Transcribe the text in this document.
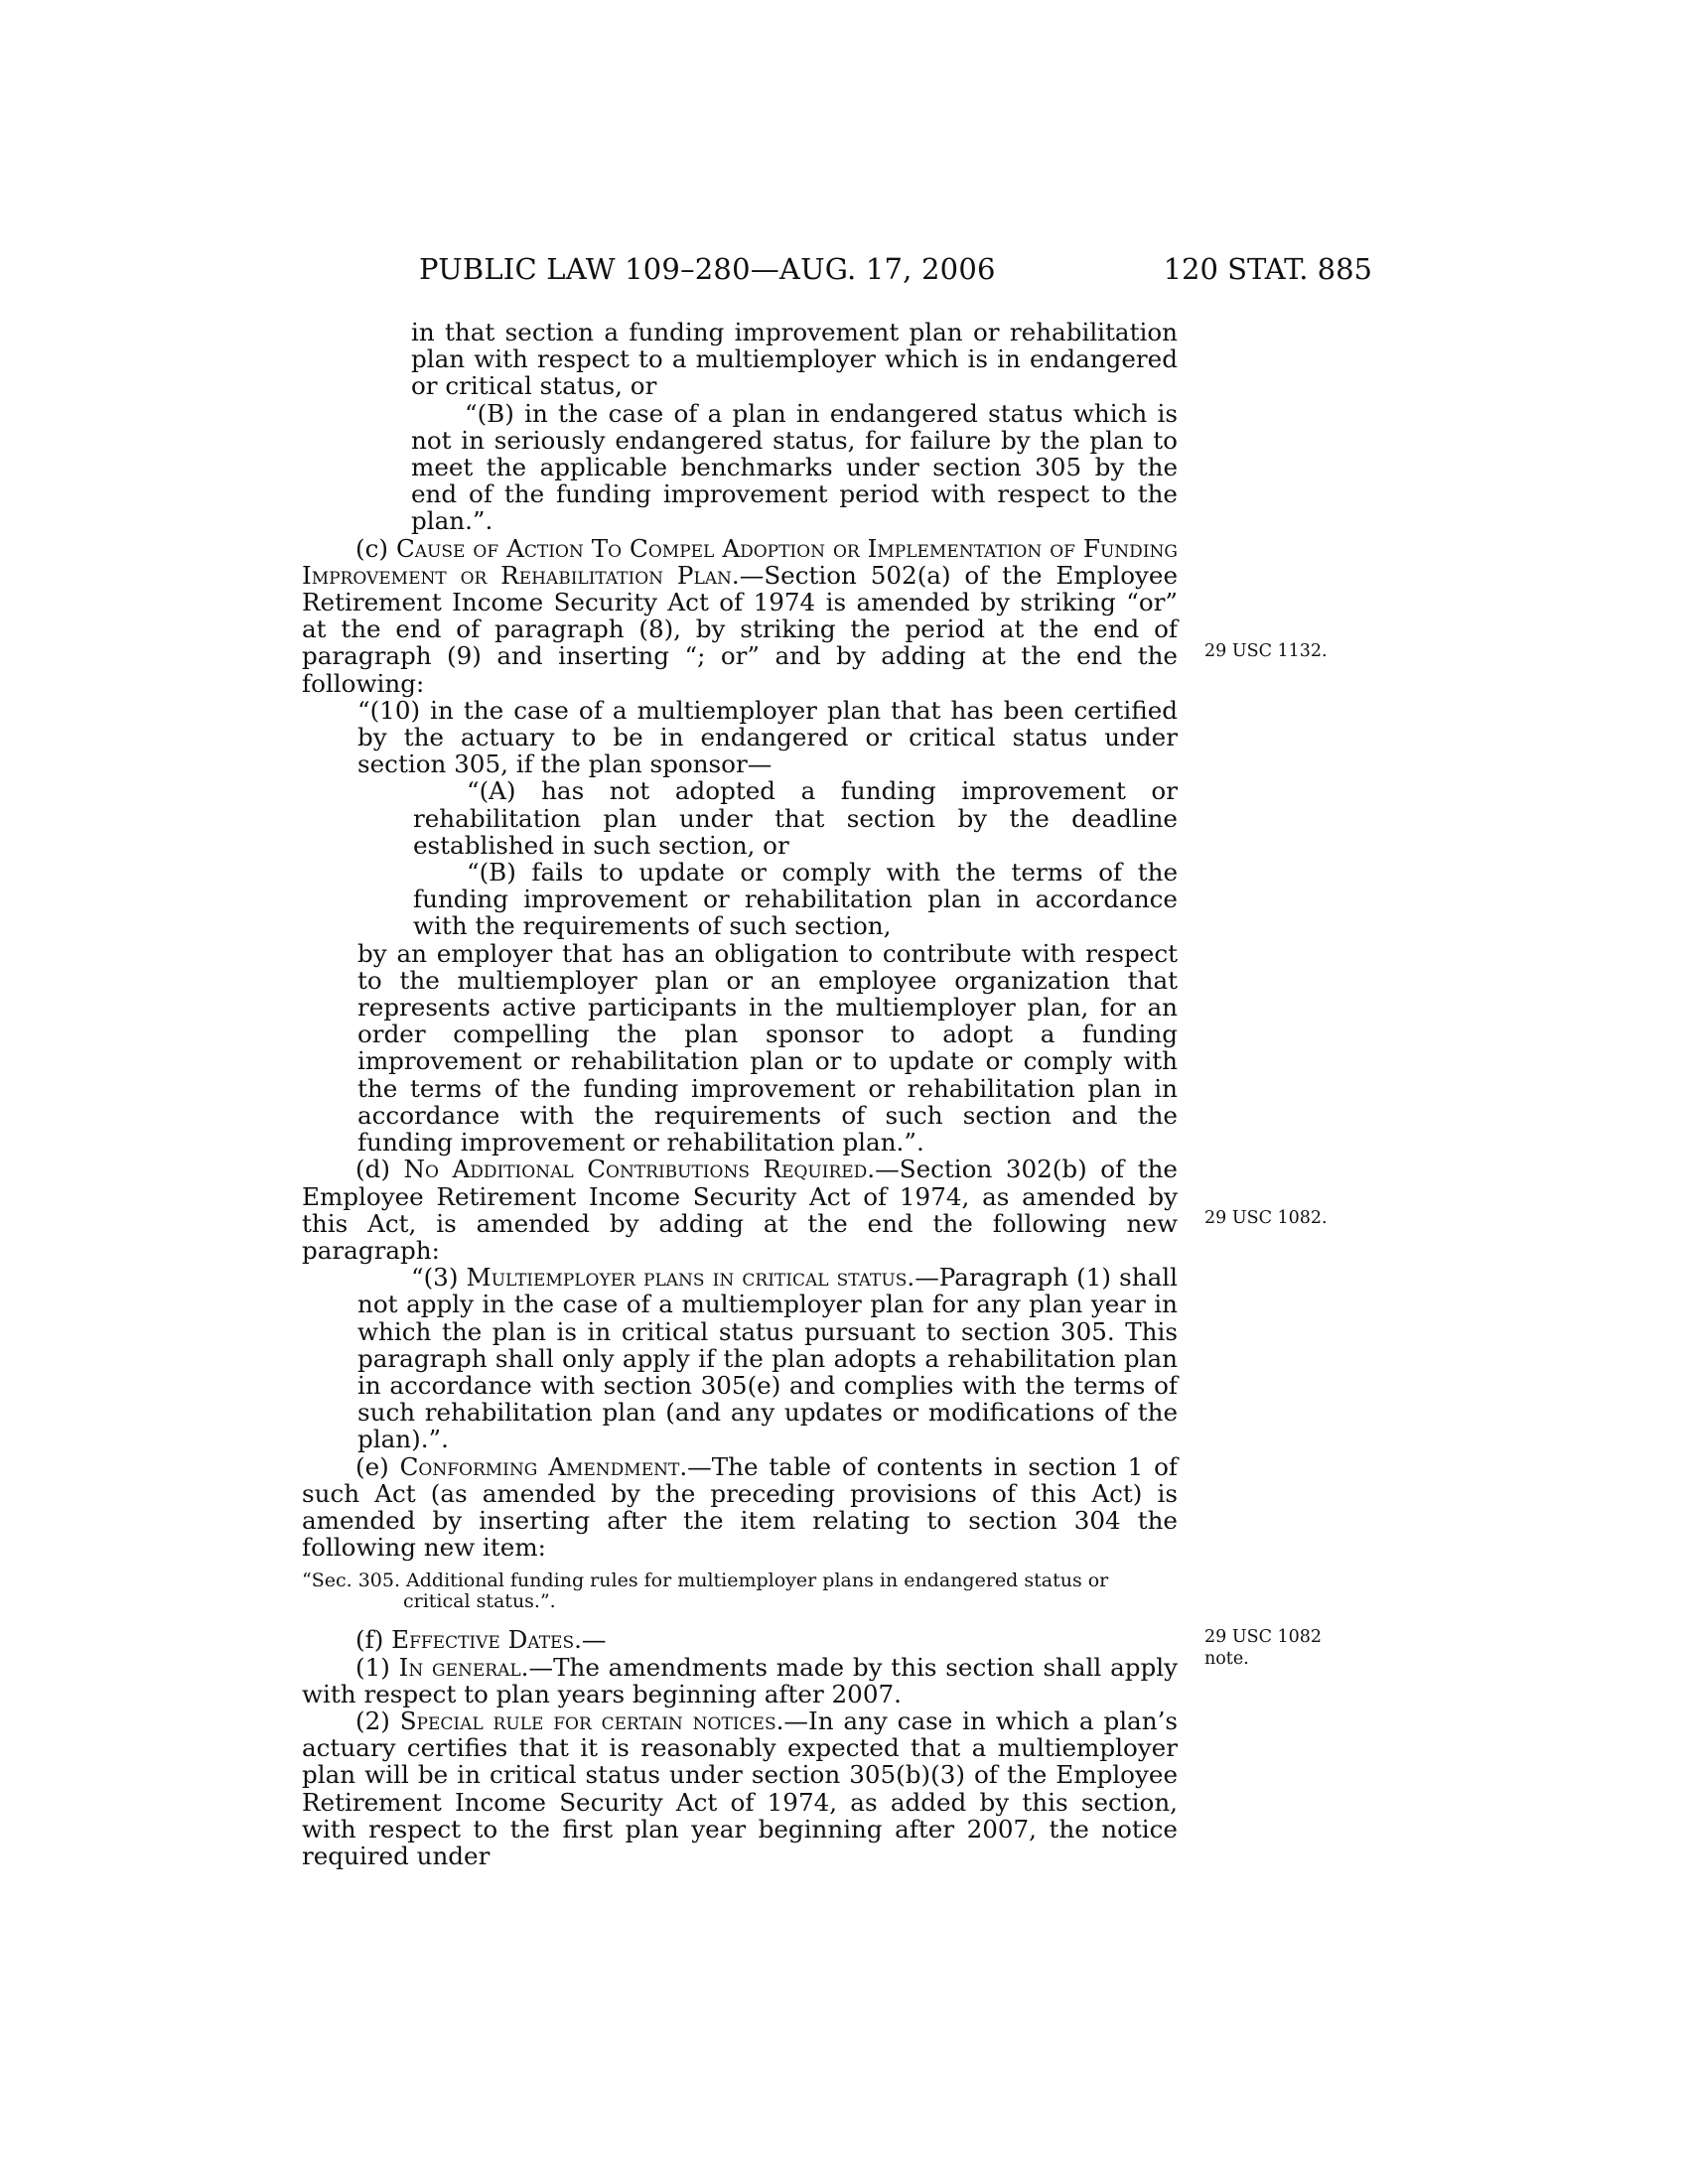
PUBLIC LAW 109–280—AUG. 17, 2006	120 STAT. 885

in that section a funding improvement plan or rehabilitation plan with respect to a multiemployer which is in endangered or critical status, or

“(B) in the case of a plan in endangered status which is not in seriously endangered status, for failure by the plan to meet the applicable benchmarks under section 305 by the end of the funding improvement period with respect to the plan.”.

(c) Cause of Action To Compel Adoption or Implementation of Funding Improvement or Rehabilitation Plan.—Section 502(a) of the Employee Retirement Income Security Act of 1974 is amended by striking “or” at the end of paragraph (8), by striking the period at the end of paragraph (9) and inserting “; or” and by adding at the end the following:

“(10) in the case of a multiemployer plan that has been certified by the actuary to be in endangered or critical status under section 305, if the plan sponsor—

“(A) has not adopted a funding improvement or rehabilitation plan under that section by the deadline established in such section, or

“(B) fails to update or comply with the terms of the funding improvement or rehabilitation plan in accordance with the requirements of such section,

by an employer that has an obligation to contribute with respect to the multiemployer plan or an employee organization that represents active participants in the multiemployer plan, for an order compelling the plan sponsor to adopt a funding improvement or rehabilitation plan or to update or comply with the terms of the funding improvement or rehabilitation plan in accordance with the requirements of such section and the funding improvement or rehabilitation plan.”.

(d) No Additional Contributions Required.—Section 302(b) of the Employee Retirement Income Security Act of 1974, as amended by this Act, is amended by adding at the end the following new paragraph:

“(3) Multiemployer plans in critical status.—Paragraph (1) shall not apply in the case of a multiemployer plan for any plan year in which the plan is in critical status pursuant to section 305. This paragraph shall only apply if the plan adopts a rehabilitation plan in accordance with section 305(e) and complies with the terms of such rehabilitation plan (and any updates or modifications of the plan).”.

(e) Conforming Amendment.—The table of contents in section 1 of such Act (as amended by the preceding provisions of this Act) is amended by inserting after the item relating to section 304 the following new item:

“Sec. 305. Additional funding rules for multiemployer plans in endangered status or critical status.”.

(f) Effective Dates.—

(1) In general.—The amendments made by this section shall apply with respect to plan years beginning after 2007.

(2) Special rule for certain notices.—In any case in which a plan’s actuary certifies that it is reasonably expected that a multiemployer plan will be in critical status under section 305(b)(3) of the Employee Retirement Income Security Act of 1974, as added by this section, with respect to the first plan year beginning after 2007, the notice required under

29 USC 1132.
29 USC 1082.
29 USC 1082 note.
